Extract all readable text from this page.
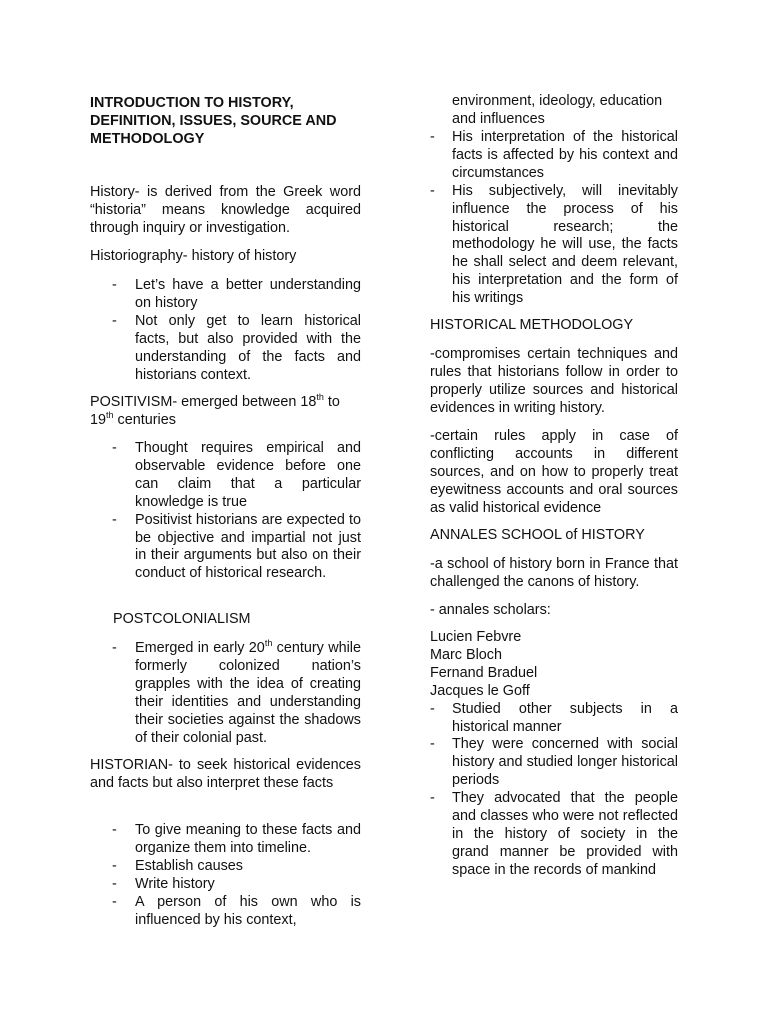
INTRODUCTION TO HISTORY, DEFINITION, ISSUES, SOURCE AND METHODOLOGY

History- is derived from the Greek word “historia” means knowledge acquired through inquiry or investigation.

Historiography- history of history

- Let’s have a better understanding on history
- Not only get to learn historical facts, but also provided with the understanding of the facts and historians context.

POSITIVISM- emerged between 18th to 19th centuries

- Thought requires empirical and observable evidence before one can claim that a particular knowledge is true
- Positivist historians are expected to be objective and impartial not just in their arguments but also on their conduct of historical research.

POSTCOLONIALISM

- Emerged in early 20th century while formerly colonized nation’s grapples with the idea of creating their identities and understanding their societies against the shadows of their colonial past.

HISTORIAN- to seek historical evidences and facts but also interpret these facts

- To give meaning to these facts and organize them into timeline.
- Establish causes
- Write history
- A person of his own who is influenced by his context,

environment, ideology, education and influences

- His interpretation of the historical facts is affected by his context and circumstances
- His subjectively, will inevitably influence the process of his historical research; the methodology he will use, the facts he shall select and deem relevant, his interpretation and the form of his writings

HISTORICAL METHODOLOGY

-compromises certain techniques and rules that historians follow in order to properly utilize sources and historical evidences in writing history.

-certain rules apply in case of conflicting accounts in different sources, and on how to properly treat eyewitness accounts and oral sources as valid historical evidence

ANNALES SCHOOL of HISTORY

-a school of history born in France that challenged the canons of history.

- annales scholars:

Lucien Febvre

Marc Bloch

Fernand Braduel

Jacques le Goff

- Studied other subjects in a historical manner
- They were concerned with social history and studied longer historical periods
- They advocated that the people and classes who were not reflected in the history of society in the grand manner be provided with space in the records of mankind
